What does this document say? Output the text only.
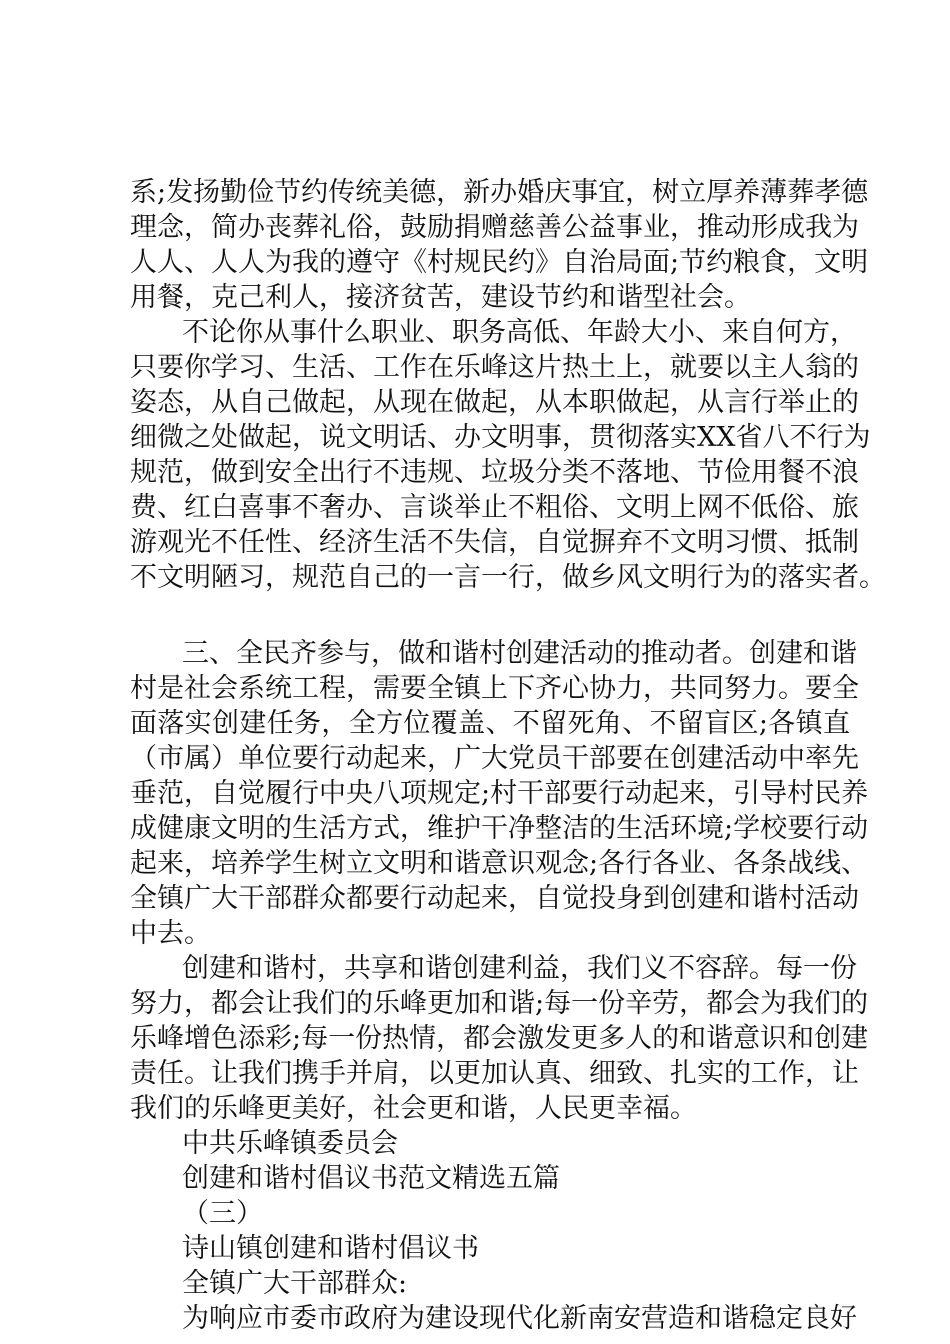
系;发扬勤俭节约传统美德，新办婚庆事宜，树立厚养薄葬孝德
理念，简办丧葬礼俗，鼓励捐赠慈善公益事业，推动形成我为
人人、人人为我的遵守《村规民约》自治局面;节约粮食，文明
用餐，克己利人，接济贫苦，建设节约和谐型社会。
不论你从事什么职业、职务高低、年龄大小、来自何方，
只要你学习、生活、工作在乐峰这片热土上，就要以主人翁的
姿态，从自己做起，从现在做起，从本职做起，从言行举止的
细微之处做起，说文明话、办文明事，贯彻落实XX省八不行为
规范，做到安全出行不违规、垃圾分类不落地、节俭用餐不浪
费、红白喜事不奢办、言谈举止不粗俗、文明上网不低俗、旅
游观光不任性、经济生活不失信，自觉摒弃不文明习惯、抵制
不文明陋习，规范自己的一言一行，做乡风文明行为的落实者。
三、全民齐参与，做和谐村创建活动的推动者。创建和谐
村是社会系统工程，需要全镇上下齐心协力，共同努力。要全
面落实创建任务，全方位覆盖、不留死角、不留盲区;各镇直
（市属）单位要行动起来，广大党员干部要在创建活动中率先
垂范，自觉履行中央八项规定;村干部要行动起来，引导村民养
成健康文明的生活方式，维护干净整洁的生活环境;学校要行动
起来，培养学生树立文明和谐意识观念;各行各业、各条战线、
全镇广大干部群众都要行动起来，自觉投身到创建和谐村活动
中去。
创建和谐村，共享和谐创建利益，我们义不容辞。每一份
努力，都会让我们的乐峰更加和谐;每一份辛劳，都会为我们的
乐峰增色添彩;每一份热情，都会激发更多人的和谐意识和创建
责任。让我们携手并肩，以更加认真、细致、扎实的工作，让
我们的乐峰更美好，社会更和谐，人民更幸福。
中共乐峰镇委员会
创建和谐村倡议书范文精选五篇
（三）
诗山镇创建和谐村倡议书
全镇广大干部群众:
为响应市委市政府为建设现代化新南安营造和谐稳定良好
